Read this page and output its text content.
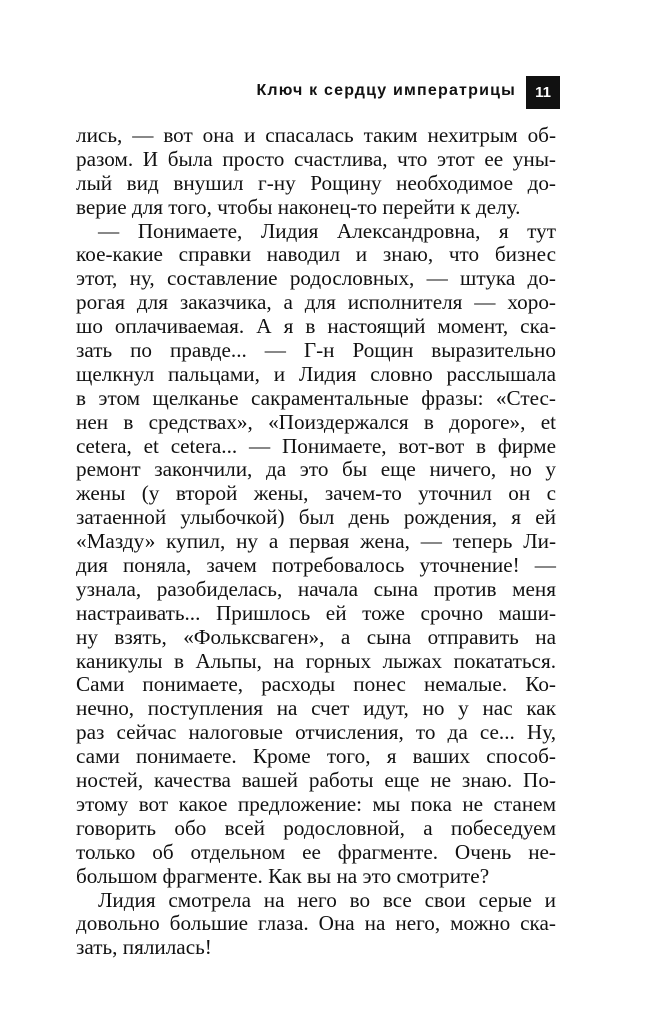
Ключ к сердцу императрицы	11
лись, — вот она и спасалась таким нехитрым об-
разом. И была просто счастлива, что этот ее уны-
лый вид внушил г-ну Рощину необходимое до-
верие для того, чтобы наконец-то перейти к делу.
— Понимаете, Лидия Александровна, я тут
кое-какие справки наводил и знаю, что бизнес
этот, ну, составление родословных, — штука до-
рогая для заказчика, а для исполнителя — хоро-
шо оплачиваемая. А я в настоящий момент, ска-
зать по правде... — Г-н Рощин выразительно
щелкнул пальцами, и Лидия словно расслышала
в этом щелканье сакраментальные фразы: «Стес-
нен в средствах», «Поиздержался в дороге», et
cetera, et cetera... — Понимаете, вот-вот в фирме
ремонт закончили, да это бы еще ничего, но у
жены (у второй жены, зачем-то уточнил он с
затаенной улыбочкой) был день рождения, я ей
«Мазду» купил, ну а первая жена, — теперь Ли-
дия поняла, зачем потребовалось уточнение! —
узнала, разобиделась, начала сына против меня
настраивать... Пришлось ей тоже срочно маши-
ну взять, «Фольксваген», а сына отправить на
каникулы в Альпы, на горных лыжах покататься.
Сами понимаете, расходы понес немалые. Ко-
нечно, поступления на счет идут, но у нас как
раз сейчас налоговые отчисления, то да се... Ну,
сами понимаете. Кроме того, я ваших способ-
ностей, качества вашей работы еще не знаю. По-
этому вот какое предложение: мы пока не станем
говорить обо всей родословной, а побеседуем
только об отдельном ее фрагменте. Очень не-
большом фрагменте. Как вы на это смотрите?
Лидия смотрела на него во все свои серые и
довольно большие глаза. Она на него, можно ска-
зать, пялилась!
